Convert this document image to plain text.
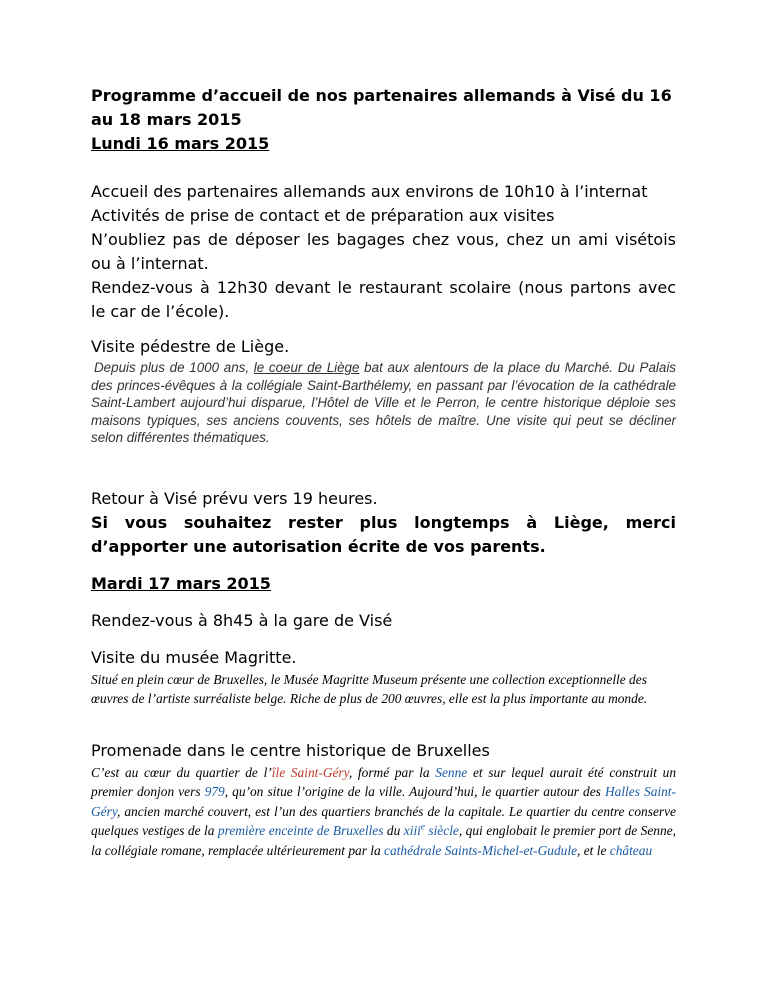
Programme d’accueil de nos partenaires allemands à Visé du 16 au 18 mars 2015

Lundi 16 mars 2015

Accueil des partenaires allemands aux environs de 10h10 à l’internat

Activités de prise de contact et de préparation aux visites

N’oubliez pas de déposer les bagages chez vous, chez un ami visétois ou à l’internat.

Rendez-vous à 12h30 devant le restaurant scolaire (nous partons avec le car de l’école).

Visite pédestre de Liège.

Depuis plus de 1000 ans, le coeur de Liège bat aux alentours de la place du Marché. Du Palais des princes-évêques à la collégiale Saint-Barthélemy, en passant par l’évocation de la cathédrale Saint-Lambert aujourd’hui disparue, l’Hôtel de Ville et le Perron, le centre historique déploie ses maisons typiques, ses anciens couvents, ses hôtels de maître. Une visite qui peut se décliner selon différentes thématiques.

Retour à Visé prévu vers 19 heures.

Si vous souhaitez rester plus longtemps à Liège, merci d’apporter une autorisation écrite de vos parents.

Mardi 17 mars 2015

Rendez-vous à 8h45 à la gare de Visé

Visite du musée Magritte.

Situé en plein cœur de Bruxelles, le Musée Magritte Museum présente une collection exceptionnelle des œuvres de l’artiste surréaliste belge. Riche de plus de 200 œuvres, elle est la plus importante au monde.

Promenade dans le centre historique de Bruxelles

C’est au cœur du quartier de l’île Saint-Géry, formé par la Senne et sur lequel aurait été construit un premier donjon vers 979, qu’on situe l’origine de la ville. Aujourd’hui, le quartier autour des Halles Saint-Géry, ancien marché couvert, est l’un des quartiers branchés de la capitale. Le quartier du centre conserve quelques vestiges de la première enceinte de Bruxelles du xiii$^e$ siècle, qui englobait le premier port de Senne, la collégiale romane, remplacée ultérieurement par la cathédrale Saints-Michel-et-Gudule, et le château
